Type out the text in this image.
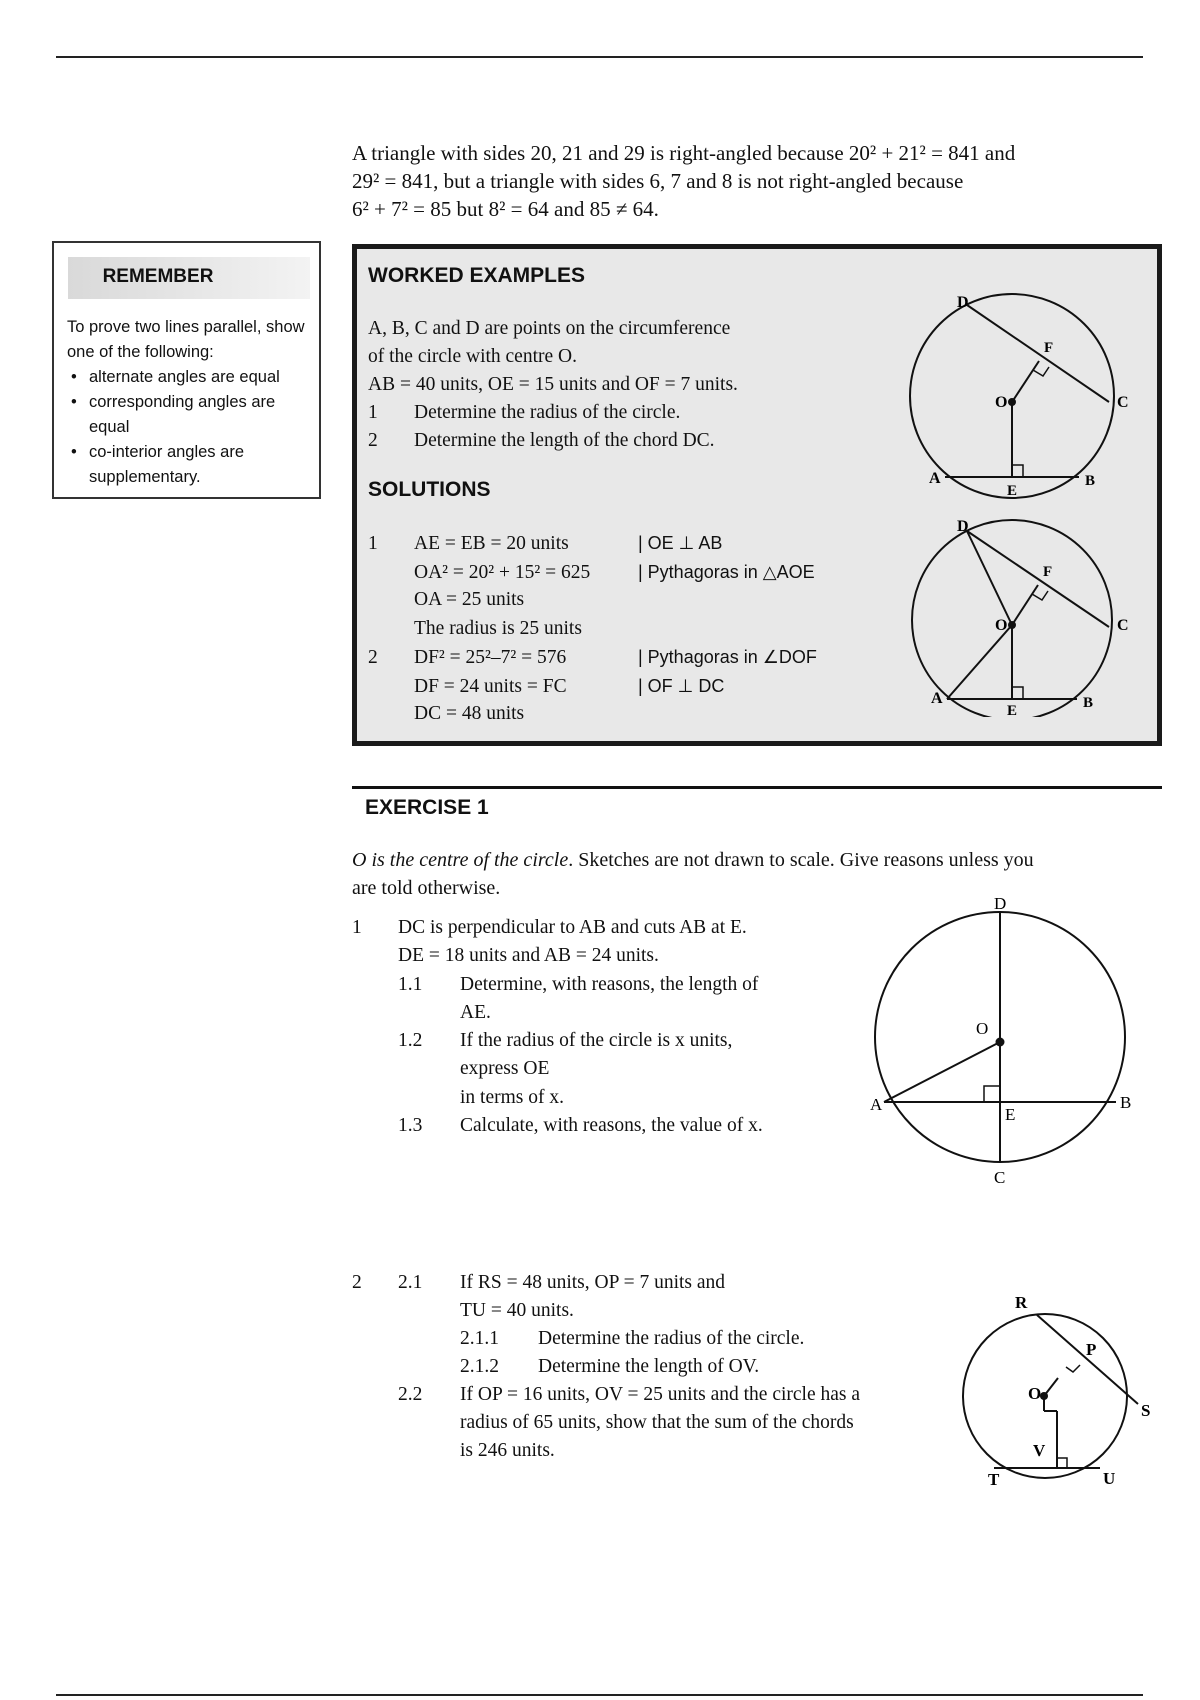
A triangle with sides 20, 21 and 29 is right-angled because 20² + 21² = 841 and
29² = 841, but a triangle with sides 6, 7 and 8 is not right-angled because
6² + 7² = 85 but 8² = 64 and 85 ≠ 64.
REMEMBER
To prove two lines parallel, show one of the following:
• alternate angles are equal
• corresponding angles are equal
• co-interior angles are supplementary.
WORKED EXAMPLES
A, B, C and D are points on the circumference
of the circle with centre O.
AB = 40 units, OE = 15 units and OF = 7 units.
1 Determine the radius of the circle.
2 Determine the length of the chord DC.
SOLUTIONS
1 AE = EB = 20 units	| OE ⊥ AB
OA² = 20² + 15² = 625	| Pythagoras in △AOE
OA = 25 units
The radius is 25 units
2 DF² = 25²–7² = 576	| Pythagoras in ∠DOF
DF = 24 units = FC	| OF ⊥ DC
DC = 48 units
D
F
O	C
A
E
B
D
F
O	C
A
E	B
EXERCISE 1
O is the centre of the circle. Sketches are not drawn to scale. Give reasons unless you
are told otherwise.
1 DC is perpendicular to AB and cuts AB at E.
DE = 18 units and AB = 24 units.
1.1 Determine, with reasons, the length of
AE.
1.2 If the radius of the circle is x units,
express OE
in terms of x.
1.3 Calculate, with reasons, the value of x.
D
O
A
E
B
C
2 2.1 If RS = 48 units, OP = 7 units and
TU = 40 units.
2.1.1 Determine the radius of the circle.
2.1.2 Determine the length of OV.
2.2 If OP = 16 units, OV = 25 units and the circle has a
radius of 65 units, show that the sum of the chords
is 246 units.
R
P
O
S
V
T	U
